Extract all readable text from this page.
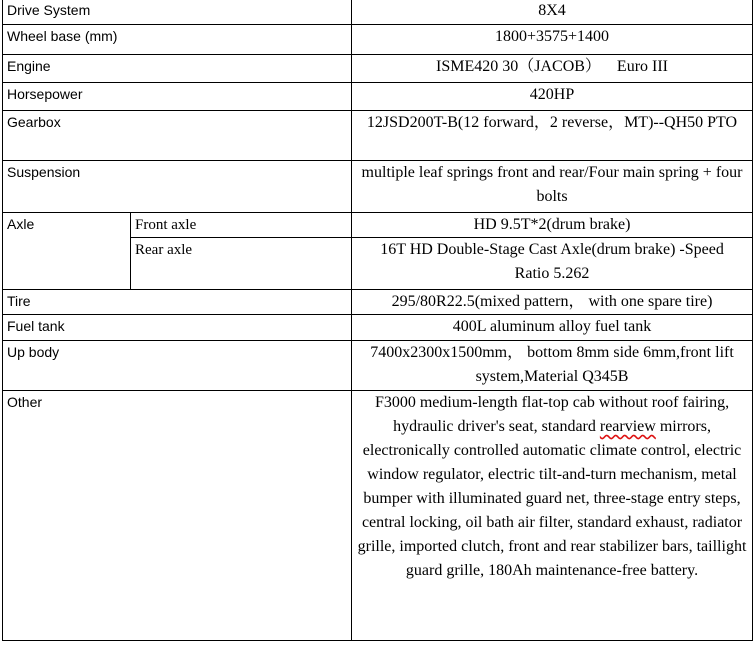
Drive System		8X4
Wheel base (mm)		1800+3575+1400
Engine		ISME420 30（JACOB）    Euro III
Horsepower		420HP
Gearbox		12JSD200T-B(12 forward，2 reverse，MT)--QH50 PTO
Suspension		multiple leaf springs front and rear/Four main spring + four bolts
Axle	Front axle	HD 9.5T*2(drum brake)
	Rear axle	16T HD Double-Stage Cast Axle(drum brake) -Speed        Ratio 5.262
Tire		295/80R22.5(mixed pattern， with one spare tire)
Fuel tank		400L aluminum alloy fuel tank
Up body		7400x2300x1500mm， bottom 8mm side 6mm,front lift system,Material Q345B
Other		F3000 medium-length flat-top cab without roof fairing, hydraulic driver's seat, standard rearview mirrors, electronically controlled automatic climate control, electric window regulator, electric tilt-and-turn mechanism, metal bumper with illuminated guard net, three-stage entry steps, central locking, oil bath air filter, standard exhaust, radiator grille, imported clutch, front and rear stabilizer bars, taillight guard grille, 180Ah maintenance-free battery.
